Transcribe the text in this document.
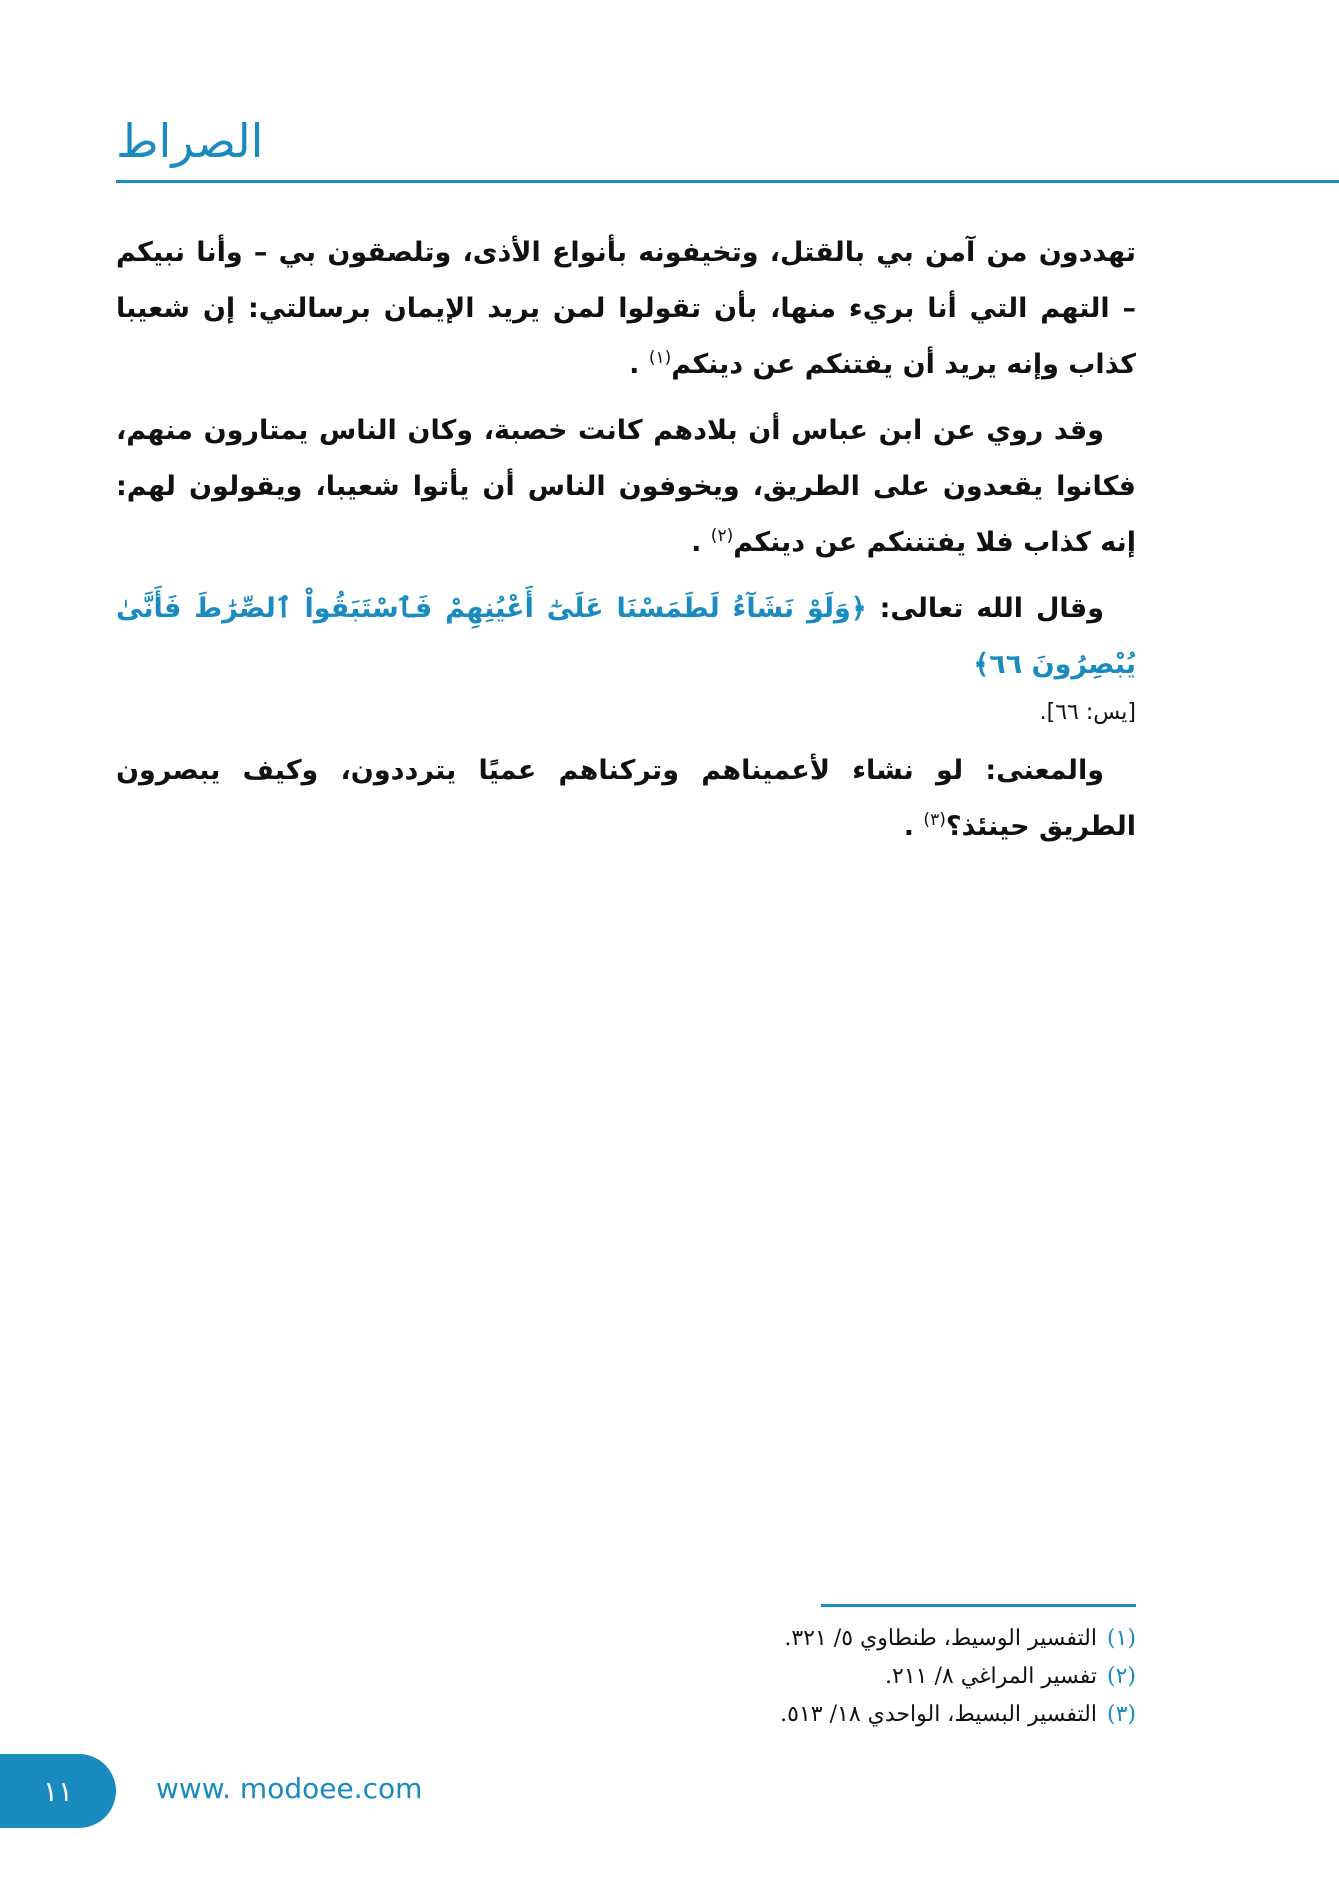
الصراط

تهددون من آمن بي بالقتل، وتخيفونه بأنواع الأذى، وتلصقون بي – وأنا نبيكم – التهم التي أنا بريء منها، بأن تقولوا لمن يريد الإيمان برسالتي: إن شعيبا كذاب وإنه يريد أن يفتنكم عن دينكم$^{(١)}$ .

وقد روي عن ابن عباس أن بلادهم كانت خصبة، وكان الناس يمتارون منهم، فكانوا يقعدون على الطريق، ويخوفون الناس أن يأتوا شعيبا، ويقولون لهم: إنه كذاب فلا يفتننكم عن دينكم$^{(٢)}$ .

وقال الله تعالى: ﴿وَلَوْ نَشَآءُ لَطَمَسْنَا عَلَىٰٓ أَعْيُنِهِمْ فَٱسْتَبَقُواْ ٱلصِّرَٰطَ فَأَنَّىٰ يُبْصِرُونَ ٦٦﴾

[يس: ٦٦].

والمعنى: لو نشاء لأعميناهم وتركناهم عميًا يترددون، وكيف يبصرون الطريق حينئذ؟$^{(٣)}$ .

(١)التفسير الوسيط، طنطاوي ٥/ ٣٢١.
(٢)تفسير المراغي ٨/ ٢١١.
(٣)التفسير البسيط، الواحدي ١٨/ ٥١٣.
١١	www. modoee.com
